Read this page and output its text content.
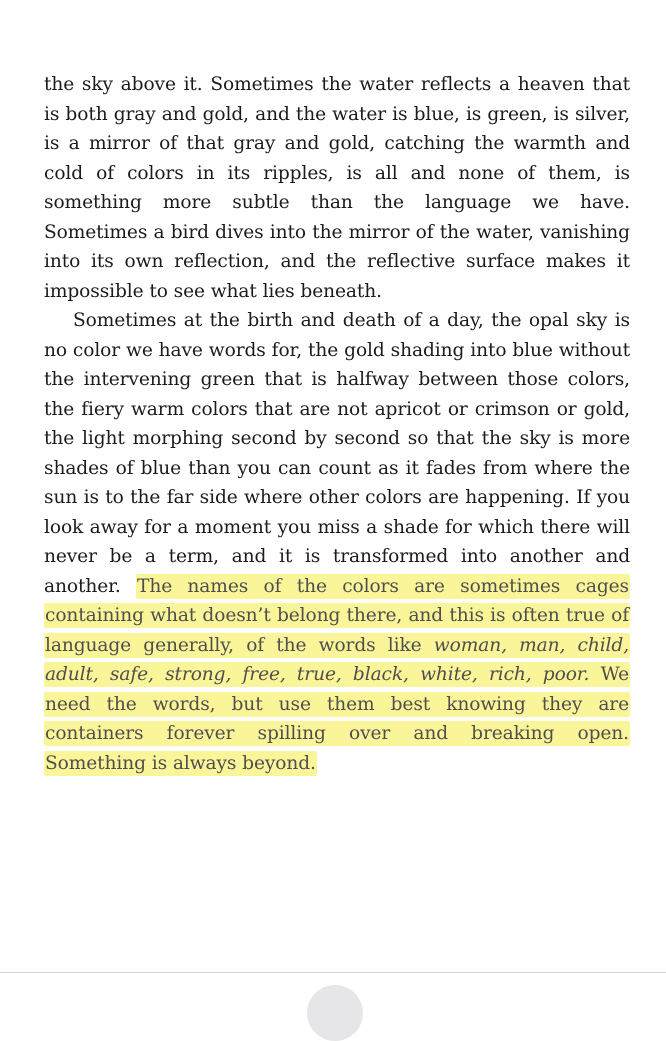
the sky above it. Sometimes the water reflects a heaven that is both gray and gold, and the water is blue, is green, is silver, is a mirror of that gray and gold, catching the warmth and cold of colors in its ripples, is all and none of them, is something more subtle than the language we have. Sometimes a bird dives into the mirror of the water, vanishing into its own reflection, and the reflective surface makes it impossible to see what lies beneath.

Sometimes at the birth and death of a day, the opal sky is no color we have words for, the gold shading into blue without the intervening green that is halfway between those colors, the fiery warm colors that are not apricot or crimson or gold, the light morphing second by second so that the sky is more shades of blue than you can count as it fades from where the sun is to the far side where other colors are happening. If you look away for a moment you miss a shade for which there will never be a term, and it is transformed into another and another. The names of the colors are sometimes cages containing what doesn’t belong there, and this is often true of language generally, of the words like woman, man, child, adult, safe, strong, free, true, black, white, rich, poor. We need the words, but use them best knowing they are containers forever spilling over and breaking open. Something is always beyond.
